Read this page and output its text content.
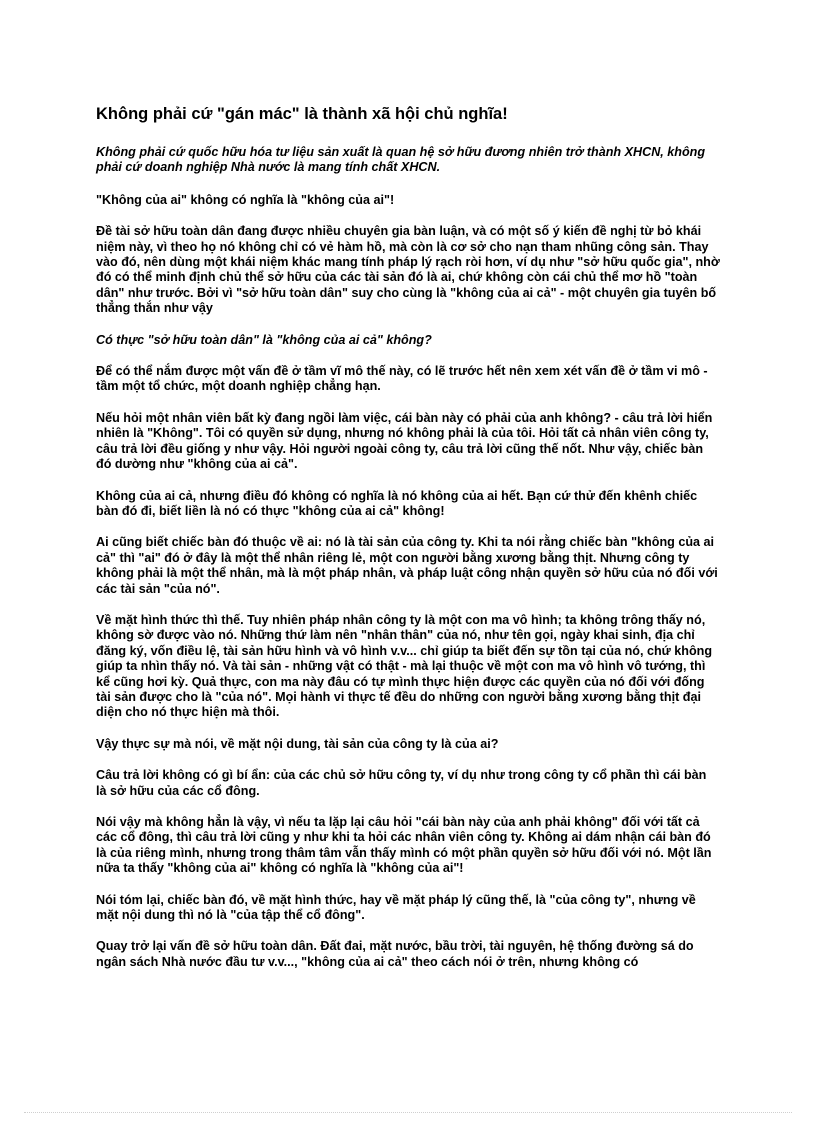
Không phải cứ "gán mác" là thành xã hội chủ nghĩa!

Không phải cứ quốc hữu hóa tư liệu sản xuất là quan hệ sở hữu đương nhiên trở thành XHCN, không phải cứ doanh nghiệp Nhà nước là mang tính chất XHCN.

"Không của ai" không có nghĩa là "không của ai"!

Đề tài sở hữu toàn dân đang được nhiều chuyên gia bàn luận, và có một số ý kiến đề nghị từ bỏ khái niệm này, vì theo họ nó không chỉ có vẻ hàm hồ, mà còn là cơ sở cho nạn tham nhũng công sản. Thay vào đó, nên dùng một khái niệm khác mang tính pháp lý rạch ròi hơn, ví dụ như "sở hữu quốc gia", nhờ đó có thể minh định chủ thể sở hữu của các tài sản đó là ai, chứ không còn cái chủ thể mơ hồ "toàn dân" như trước. Bởi vì "sở hữu toàn dân" suy cho cùng là "không của ai cả" - một chuyên gia tuyên bố thẳng thắn như vậy

Có thực "sở hữu toàn dân" là "không của ai cả" không?

Để có thể nắm được một vấn đề ở tầm vĩ mô thế này, có lẽ trước hết nên xem xét vấn đề ở tầm vi mô - tầm một tổ chức, một doanh nghiệp chẳng hạn.

Nếu hỏi một nhân viên bất kỳ đang ngồi làm việc, cái bàn này có phải của anh không? - câu trả lời hiển nhiên là "Không". Tôi có quyền sử dụng, nhưng nó không phải là của tôi. Hỏi tất cả nhân viên công ty, câu trả lời đều giống y như vậy. Hỏi người ngoài công ty, câu trả lời cũng thế nốt. Như vậy, chiếc bàn đó dường như "không của ai cả".

Không của ai cả, nhưng điều đó không có nghĩa là nó không của ai hết. Bạn cứ thử đến khênh chiếc bàn đó đi, biết liền là nó có thực "không của ai cả" không!

Ai cũng biết chiếc bàn đó thuộc về ai: nó là tài sản của công ty. Khi ta nói rằng chiếc bàn "không của ai cả" thì "ai" đó ở đây là một thể nhân riêng lẻ, một con người bằng xương bằng thịt. Nhưng công ty không phải là một thể nhân, mà là một pháp nhân, và pháp luật công nhận quyền sở hữu của nó đối với các tài sản "của nó".

Về mặt hình thức thì thế. Tuy nhiên pháp nhân công ty là một con ma vô hình; ta không trông thấy nó, không sờ được vào nó. Những thứ làm nên "nhân thân" của nó, như tên gọi, ngày khai sinh, địa chỉ đăng ký, vốn điều lệ, tài sản hữu hình và vô hình v.v... chỉ giúp ta biết đến sự tồn tại của nó, chứ không giúp ta nhìn thấy nó. Và tài sản - những vật có thật - mà lại thuộc về một con ma vô hình vô tướng, thì kể cũng hơi kỳ. Quả thực, con ma này đâu có tự mình thực hiện được các quyền của nó đối với đống tài sản được cho là "của nó". Mọi hành vi thực tế đều do những con người bằng xương bằng thịt đại diện cho nó thực hiện mà thôi.

Vậy thực sự mà nói, về mặt nội dung, tài sản của công ty là của ai?

Câu trả lời không có gì bí ẩn: của các chủ sở hữu công ty, ví dụ như trong công ty cổ phần thì cái bàn là sở hữu của các cổ đông.

Nói vậy mà không hẳn là vậy, vì nếu ta lặp lại câu hỏi "cái bàn này của anh phải không" đối với tất cả các cổ đông, thì câu trả lời cũng y như khi ta hỏi các nhân viên công ty. Không ai dám nhận cái bàn đó là của riêng mình, nhưng trong thâm tâm vẫn thấy mình có một phần quyền sở hữu đối với nó. Một lần nữa ta thấy "không của ai" không có nghĩa là "không của ai"!

Nói tóm lại, chiếc bàn đó, về mặt hình thức, hay về mặt pháp lý cũng thế, là "của công ty", nhưng về mặt nội dung thì nó là "của tập thể cổ đông".

Quay trở lại vấn đề sở hữu toàn dân. Đất đai, mặt nước, bầu trời, tài nguyên, hệ thống đường sá do ngân sách Nhà nước đầu tư v.v..., "không của ai cả" theo cách nói ở trên, nhưng không có
